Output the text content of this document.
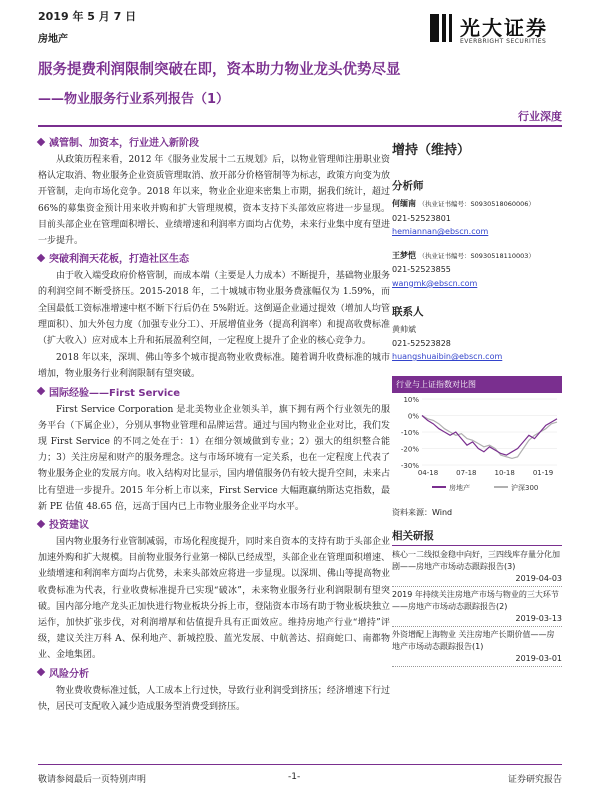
2019 年 5 月 7 日
房地产	光大证券
EVERBRIGHT SECURITIES
服务提费利润限制突破在即，资本助力物业龙头优势尽显
——物业服务行业系列报告（1）
行业深度
减管制、加资本，行业进入新阶段

从政策历程来看，2012 年《服务业发展十二五规划》后，以物业管理师注册职业资格认定取消、物业服务企业资质管理取消、放开部分价格管制等为标志，政策方向变为放开管制，走向市场化竞争。2018 年以来，物业企业迎来密集上市期，据我们统计，超过 66%的募集资金预计用来收并购和扩大管理规模，资本支持下头部效应将进一步显现。目前头部企业在管理面积增长、业绩增速和利润率方面均占优势，未来行业集中度有望进一步提升。

突破利润天花板，打造社区生态

由于收入端受政府价格管制，而成本端（主要是人力成本）不断提升，基础物业服务的利润空间不断受挤压。2015-2018 年，二十城城市物业服务费涨幅仅为 1.59%，而全国最低工资标准增速中枢不断下行后仍在 5%附近。这倒逼企业通过提效（增加人均管理面积）、加大外包力度（加强专业分工）、开展增值业务（提高利润率）和提高收费标准（扩大收入）应对成本上升和拓展盈利空间，一定程度上提升了企业的核心竞争力。

2018 年以来，深圳、佛山等多个城市提高物业收费标准。随着调升收费标准的城市增加，物业服务行业利润限制有望突破。

国际经验——First Service

First Service Corporation 是北美物业企业领头羊，旗下拥有两个行业领先的服务平台（下属企业），分别从事物业管理和品牌运营。通过与国内物业企业对比，我们发现 First Service 的不同之处在于：1）在细分领域做到专业；2）强大的组织整合能力；3）关注房屋和财产的服务理念。这与市场环境有一定关系，也在一定程度上代表了物业服务企业的发展方向。收入结构对比显示，国内增值服务仍有较大提升空间，未来占比有望进一步提升。2015 年分析上市以来，First Service 大幅跑赢纳斯达克指数，最新 PE 估值 48.65 倍，远高于国内已上市物业服务企业平均水平。

投资建议

国内物业服务行业管制减弱，市场化程度提升，同时来自资本的支持有助于头部企业加速外购和扩大规模。目前物业服务行业第一梯队已经成型，头部企业在管理面积增速、业绩增速和利润率方面均占优势，未来头部效应将进一步显现。以深圳、佛山等提高物业收费标准为代表，行业收费标准提升已实现“破冰”，未来物业服务行业利润限制有望突破。国内部分地产龙头正加快进行物业板块分拆上市，登陆资本市场有助于物业板块独立运作，加快扩张步伐，对利润增厚和估值提升具有正面效应。维持房地产行业“增持”评级，建议关注万科 A、保利地产、新城控股、蓝光发展、中航善达、招商蛇口、南都物业、金地集团。

风险分析

物业费收费标准过低，人工成本上行过快，导致行业利润受到挤压；经济增速下行过快，居民可支配收入减少造成服务型消费受到挤压。

增持（维持）
分析师
何缅南 （执业证书编号：S0930518060006）
021-52523801
hemiannan@ebscn.com
王梦恺 （执业证书编号：S0930518110003）
021-52523855
wangmk@ebscn.com
联系人
黄帅斌
021-52523828
huangshuaibin@ebscn.com
行业与上证指数对比图
10%
0%
-10%
-20%
-30%
04-18	07-18	10-18	01-19
房地产	沪深300
资料来源：Wind
相关研报
核心一二线拟金稳中向好，三四线库存量分化加剧——房地产市场动态跟踪报告(3)
2019-04-03
2019 年持续关注房地产市场与物业的三大环节——房地产市场动态跟踪报告(2)
2019-03-13
外资增配上海物业 关注房地产长期价值——房地产市场动态跟踪报告(1)
2019-03-01
敬请参阅最后一页特别声明	-1-	证券研究报告
